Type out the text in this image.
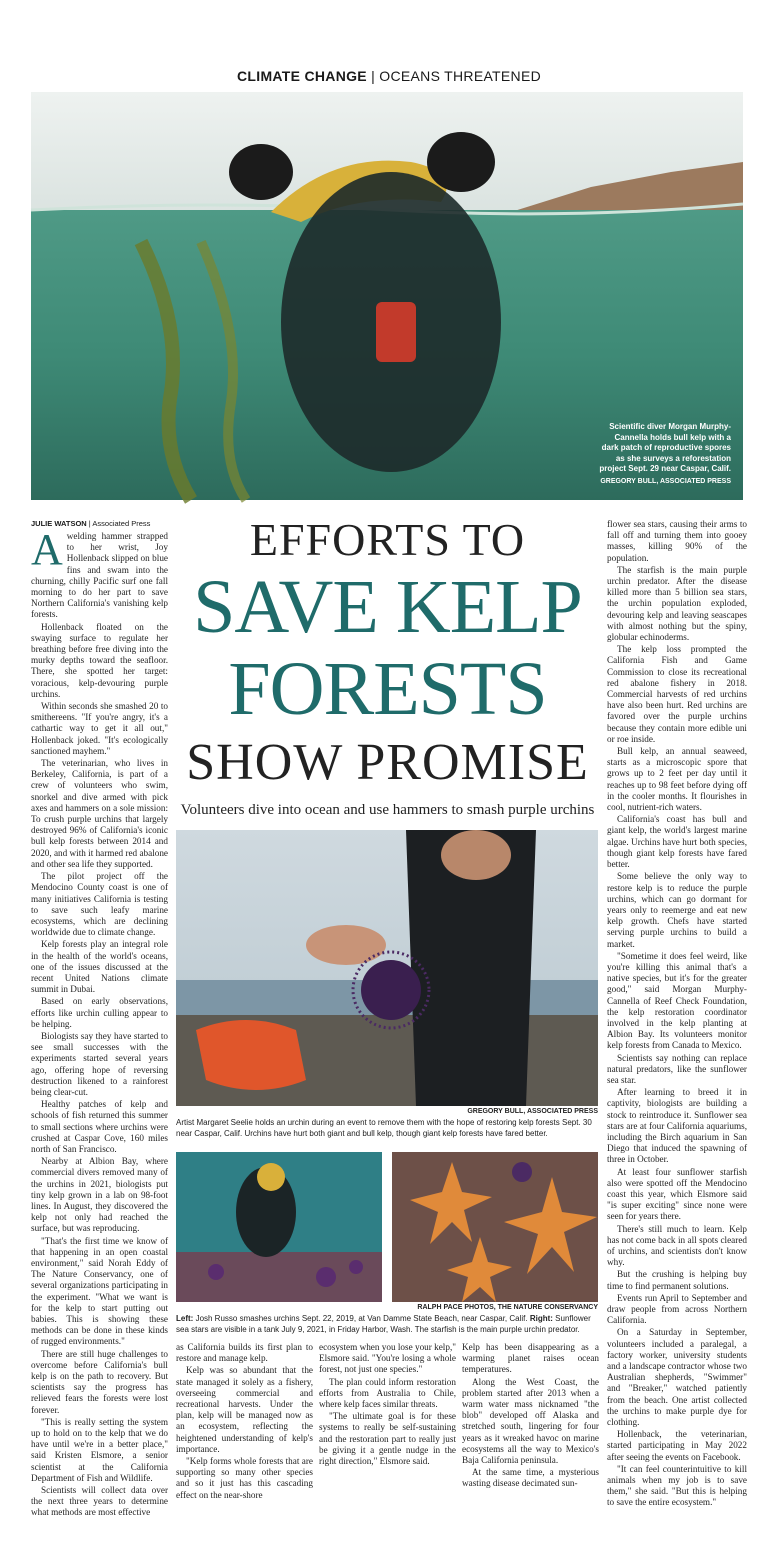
CLIMATE CHANGE | OCEANS THREATENED
Scientific diver Morgan Murphy-Cannella holds bull kelp with a dark patch of reproductive spores as she surveys a reforestation project Sept. 29 near Caspar, Calif.
GREGORY BULL, ASSOCIATED PRESS
JULIE WATSON | Associated Press
A welding hammer strapped to her wrist, Joy Hollenback slipped on blue fins and swam into the churning, chilly Pacific surf one fall morning to do her part to save Northern California's vanishing kelp forests.

Hollenback floated on the swaying surface to regulate her breathing before free diving into the murky depths toward the seafloor. There, she spotted her target: voracious, kelp-devouring purple urchins.

Within seconds she smashed 20 to smithereens. "If you're angry, it's a cathartic way to get it all out," Hollenback joked. "It's ecologically sanctioned mayhem."

The veterinarian, who lives in Berkeley, California, is part of a crew of volunteers who swim, snorkel and dive armed with pick axes and hammers on a sole mission: To crush purple urchins that largely destroyed 96% of California's iconic bull kelp forests between 2014 and 2020, and with it harmed red abalone and other sea life they supported.

The pilot project off the Mendocino County coast is one of many initiatives California is testing to save such leafy marine ecosystems, which are declining worldwide due to climate change.

Kelp forests play an integral role in the health of the world's oceans, one of the issues discussed at the recent United Nations climate summit in Dubai.

Based on early observations, efforts like urchin culling appear to be helping.

Biologists say they have started to see small successes with the experiments started several years ago, offering hope of reversing destruction likened to a rainforest being clear-cut.

Healthy patches of kelp and schools of fish returned this summer to small sections where urchins were crushed at Caspar Cove, 160 miles north of San Francisco.

Nearby at Albion Bay, where commercial divers removed many of the urchins in 2021, biologists put tiny kelp grown in a lab on 98-foot lines. In August, they discovered the kelp not only had reached the surface, but was reproducing.

"That's the first time we know of that happening in an open coastal environment," said Norah Eddy of The Nature Conservancy, one of several organizations participating in the experiment. "What we want is for the kelp to start putting out babies. This is showing these methods can be done in these kinds of rugged environments."

There are still huge challenges to overcome before California's bull kelp is on the path to recovery. But scientists say the progress has relieved fears the forests were lost forever.

"This is really setting the system up to hold on to the kelp that we do have until we're in a better place," said Kristen Elsmore, a senior scientist at the California Department of Fish and Wildlife.

Scientists will collect data over the next three years to determine what methods are most effective

EFFORTS TO
SAVE KELP
FORESTS
SHOW PROMISE
Volunteers dive into ocean and use hammers to smash purple urchins
GREGORY BULL, ASSOCIATED PRESS
Artist Margaret Seelie holds an urchin during an event to remove them with the hope of restoring kelp forests Sept. 30 near Caspar, Calif. Urchins have hurt both giant and bull kelp, though giant kelp forests have fared better.
RALPH PACE PHOTOS, THE NATURE CONSERVANCY
Left: Josh Russo smashes urchins Sept. 22, 2019, at Van Damme State Beach, near Caspar, Calif. Right: Sunflower sea stars are visible in a tank July 9, 2021, in Friday Harbor, Wash. The starfish is the main purple urchin predator.

as California builds its first plan to restore and manage kelp.

Kelp was so abundant that the state managed it solely as a fishery, overseeing commercial and recreational harvests. Under the plan, kelp will be managed now as an ecosystem, reflecting the heightened understanding of kelp's importance.

"Kelp forms whole forests that are supporting so many other species and so it just has this cascading effect on the near-shore

ecosystem when you lose your kelp," Elsmore said. "You're losing a whole forest, not just one species."

The plan could inform restoration efforts from Australia to Chile, where kelp faces similar threats.

"The ultimate goal is for these systems to really be self-sustaining and the restoration part to really just be giving it a gentle nudge in the right direction," Elsmore said.

Kelp has been disappearing as a warming planet raises ocean temperatures.

Along the West Coast, the problem started after 2013 when a warm water mass nicknamed "the blob" developed off Alaska and stretched south, lingering for four years as it wreaked havoc on marine ecosystems all the way to Mexico's Baja California peninsula.

At the same time, a mysterious wasting disease decimated sun-

flower sea stars, causing their arms to fall off and turning them into gooey masses, killing 90% of the population.

The starfish is the main purple urchin predator. After the disease killed more than 5 billion sea stars, the urchin population exploded, devouring kelp and leaving seascapes with almost nothing but the spiny, globular echinoderms.

The kelp loss prompted the California Fish and Game Commission to close its recreational red abalone fishery in 2018. Commercial harvests of red urchins have also been hurt. Red urchins are favored over the purple urchins because they contain more edible uni or roe inside.

Bull kelp, an annual seaweed, starts as a microscopic spore that grows up to 2 feet per day until it reaches up to 98 feet before dying off in the cooler months. It flourishes in cool, nutrient-rich waters.

California's coast has bull and giant kelp, the world's largest marine algae. Urchins have hurt both species, though giant kelp forests have fared better.

Some believe the only way to restore kelp is to reduce the purple urchins, which can go dormant for years only to reemerge and eat new kelp growth. Chefs have started serving purple urchins to build a market.

"Sometime it does feel weird, like you're killing this animal that's a native species, but it's for the greater good," said Morgan Murphy-Cannella of Reef Check Foundation, the kelp restoration coordinator involved in the kelp planting at Albion Bay. Its volunteers monitor kelp forests from Canada to Mexico.

Scientists say nothing can replace natural predators, like the sunflower sea star.

After learning to breed it in captivity, biologists are building a stock to reintroduce it. Sunflower sea stars are at four California aquariums, including the Birch aquarium in San Diego that induced the spawning of three in October.

At least four sunflower starfish also were spotted off the Mendocino coast this year, which Elsmore said "is super exciting" since none were seen for years there.

There's still much to learn. Kelp has not come back in all spots cleared of urchins, and scientists don't know why.

But the crushing is helping buy time to find permanent solutions.

Events run April to September and draw people from across Northern California.

On a Saturday in September, volunteers included a paralegal, a factory worker, university students and a landscape contractor whose two Australian shepherds, "Swimmer" and "Breaker," watched patiently from the beach. One artist collected the urchins to make purple dye for clothing.

Hollenback, the veterinarian, started participating in May 2022 after seeing the events on Facebook.

"It can feel counterintuitive to kill animals when my job is to save them," she said. "But this is helping to save the entire ecosystem."
